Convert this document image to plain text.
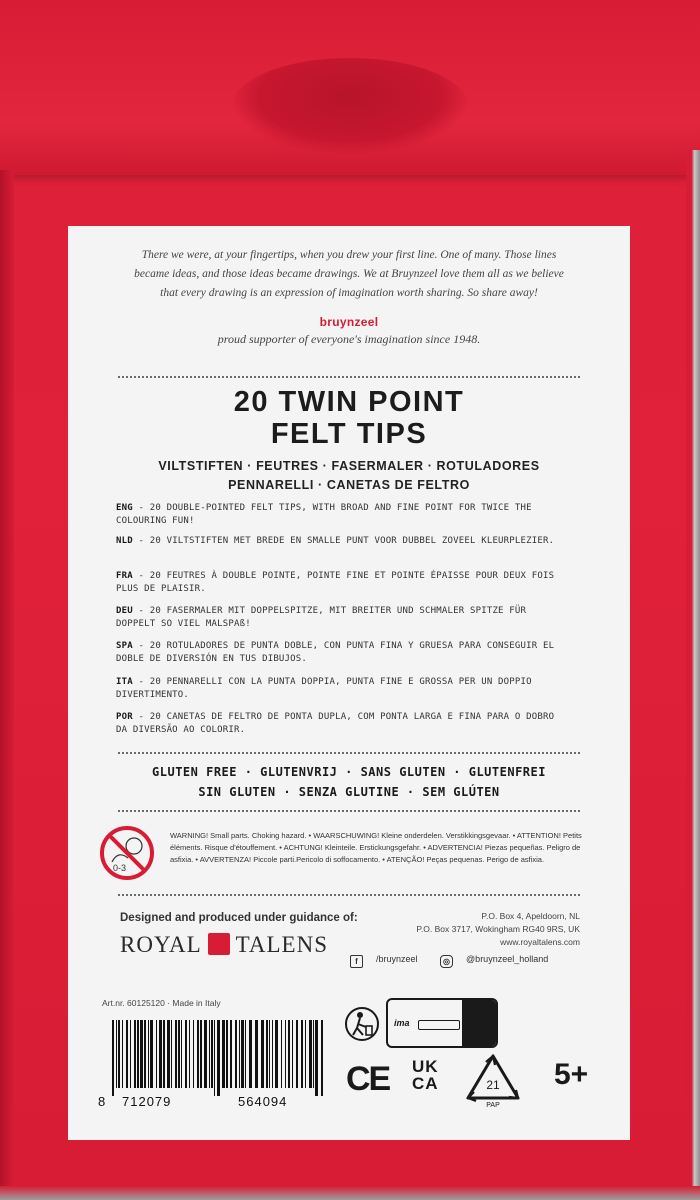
There we were, at your fingertips, when you drew your first line. One of many. Those lines
became ideas, and those ideas became drawings. We at Bruynzeel love them all as we believe
that every drawing is an expression of imagination worth sharing. So share away!
bruynzeel
proud supporter of everyone's imagination since 1948.
20 TWIN POINT
FELT TIPS
VILTSTIFTEN · FEUTRES · FASERMALER · ROTULADORES
PENNARELLI · CANETAS DE FELTRO
ENG - 20 DOUBLE-POINTED FELT TIPS, WITH BROAD AND FINE POINT FOR TWICE THE COLOURING FUN!
NLD - 20 VILTSTIFTEN MET BREDE EN SMALLE PUNT VOOR DUBBEL ZOVEEL KLEURPLEZIER.
FRA - 20 FEUTRES À DOUBLE POINTE, POINTE FINE ET POINTE ÉPAISSE POUR DEUX FOIS PLUS DE PLAISIR.
DEU - 20 FASERMALER MIT DOPPELSPITZE, MIT BREITER UND SCHMALER SPITZE FÜR DOPPELT SO VIEL MALSPAß!
SPA - 20 ROTULADORES DE PUNTA DOBLE, CON PUNTA FINA Y GRUESA PARA CONSEGUIR EL DOBLE DE DIVERSIÓN EN TUS DIBUJOS.
ITA - 20 PENNARELLI CON LA PUNTA DOPPIA, PUNTA FINE E GROSSA PER UN DOPPIO DIVERTIMENTO.
POR - 20 CANETAS DE FELTRO DE PONTA DUPLA, COM PONTA LARGA E FINA PARA O DOBRO DA DIVERSÃO AO COLORIR.
GLUTEN FREE · GLUTENVRIJ · SANS GLUTEN · GLUTENFREI
SIN GLUTEN · SENZA GLUTINE · SEM GLÚTEN
0-3
WARNING! Small parts. Choking hazard. • WAARSCHUWING! Kleine onderdelen. Verstikkingsgevaar. • ATTENTION! Petits éléments. Risque d'étouffement. • ACHTUNG! Kleinteile. Erstickungsgefahr. • ADVERTENCIA! Piezas pequeñas. Peligro de asfixia. • AVVERTENZA! Piccole parti.Pericolo di soffocamento. • ATENÇÃO! Peças pequenas. Perigo de asfixia.
Designed and produced under guidance of:
ROYAL TALENS
P.O. Box 4, Apeldoorn, NL
P.O. Box 3717, Wokingham RG40 9RS, UK
www.royaltalens.com
f /bruynzeel	◎ @bruynzeel_holland
Art.nr. 60125120 · Made in Italy
8 712079	564094
ima
CE UK
CA	21
PAP
5+
